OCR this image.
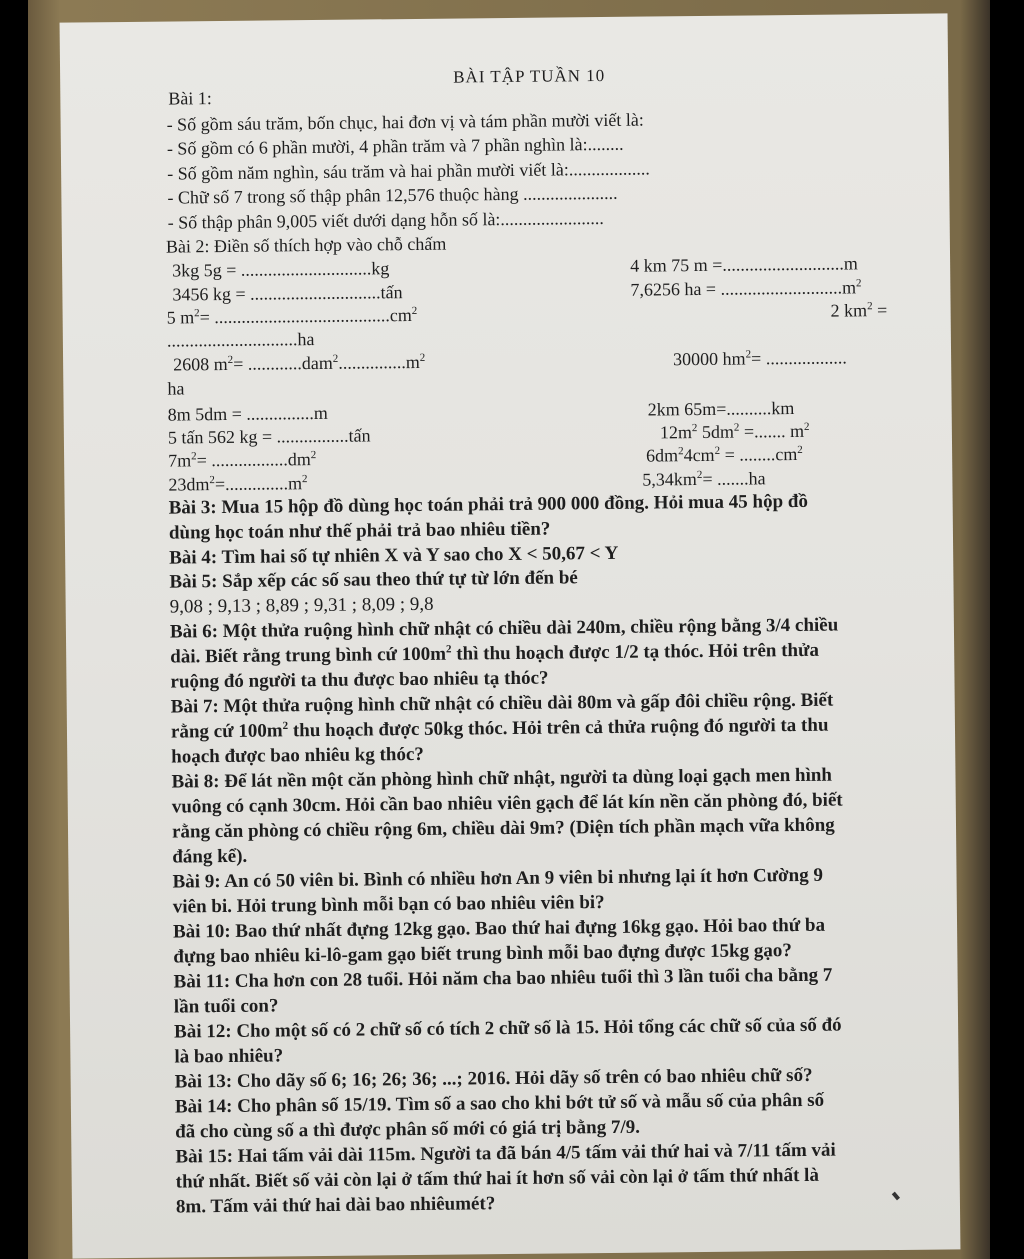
BÀI TẬP TUẦN 10
Bài 1:
- Số gồm sáu trăm, bốn chục, hai đơn vị và tám phần mười viết là:
- Số gồm có 6 phần mười, 4 phần trăm và 7 phần nghìn là:........
- Số gồm năm nghìn, sáu trăm và hai phần mười viết là:..................
- Chữ số 7 trong số thập phân 12,576 thuộc hàng .....................
- Số thập phân 9,005 viết dưới dạng hỗn số là:.......................
Bài 2: Điền số thích hợp vào chỗ chấm
3kg 5g = .............................kg	4 km 75 m =...........................m
3456 kg = .............................tấn	7,6256 ha = $...........................m^2$
5 $m^2= .......................................cm^2$	2 $km^2$ =
.............................ha
2608 $m^2= ............dam^2...............m^2$	30000 $hm^2=$ ..................
ha
8m 5dm = ...............m	2km 65m=..........km
5 tấn 562 kg = ................tấn	$12m^2$ $5dm^2$ =....... $m^2$
$7m^2= .................dm^2$	$6dm^24cm^2 = ........cm^2$
$23dm^2=..............m^2$	$5,34km^2= .......ha$
Bài 3: Mua 15 hộp đồ dùng học toán phải trả 900 000 đồng. Hỏi mua 45 hộp đồ
dùng học toán như thế phải trả bao nhiêu tiền?
Bài 4: Tìm hai số tự nhiên X và Y sao cho X < 50,67 < Y
Bài 5: Sắp xếp các số sau theo thứ tự từ lớn đến bé
9,08 ; 9,13 ; 8,89 ; 9,31 ; 8,09 ; 9,8
Bài 6: Một thửa ruộng hình chữ nhật có chiều dài 240m, chiều rộng bằng 3/4 chiều
dài. Biết rằng trung bình cứ $100m^2$ thì thu hoạch được 1/2 tạ thóc. Hỏi trên thửa
ruộng đó người ta thu được bao nhiêu tạ thóc?
Bài 7: Một thửa ruộng hình chữ nhật có chiều dài 80m và gấp đôi chiều rộng. Biết
rằng cứ $100m^2$ thu hoạch được 50kg thóc. Hỏi trên cả thửa ruộng đó người ta thu
hoạch được bao nhiêu kg thóc?
Bài 8: Để lát nền một căn phòng hình chữ nhật, người ta dùng loại gạch men hình
vuông có cạnh 30cm. Hỏi cần bao nhiêu viên gạch để lát kín nền căn phòng đó, biết
rằng căn phòng có chiều rộng 6m, chiều dài 9m? (Diện tích phần mạch vữa không
đáng kể).
Bài 9: An có 50 viên bi. Bình có nhiều hơn An 9 viên bi nhưng lại ít hơn Cường 9
viên bi. Hỏi trung bình mỗi bạn có bao nhiêu viên bi?
Bài 10: Bao thứ nhất đựng 12kg gạo. Bao thứ hai đựng 16kg gạo. Hỏi bao thứ ba
đựng bao nhiêu ki-lô-gam gạo biết trung bình mỗi bao đựng được 15kg gạo?
Bài 11: Cha hơn con 28 tuổi. Hỏi năm cha bao nhiêu tuổi thì 3 lần tuổi cha bằng 7
lần tuổi con?
Bài 12: Cho một số có 2 chữ số có tích 2 chữ số là 15. Hỏi tổng các chữ số của số đó
là bao nhiêu?
Bài 13: Cho dãy số 6; 16; 26; 36; ...; 2016. Hỏi dãy số trên có bao nhiêu chữ số?
Bài 14: Cho phân số 15/19. Tìm số a sao cho khi bớt tử số và mẫu số của phân số
đã cho cùng số a thì được phân số mới có giá trị bằng 7/9.
Bài 15: Hai tấm vải dài 115m. Người ta đã bán 4/5 tấm vải thứ hai và 7/11 tấm vải
thứ nhất. Biết số vải còn lại ở tấm thứ hai ít hơn số vải còn lại ở tấm thứ nhất là
8m. Tấm vải thứ hai dài bao nhiêumét?
